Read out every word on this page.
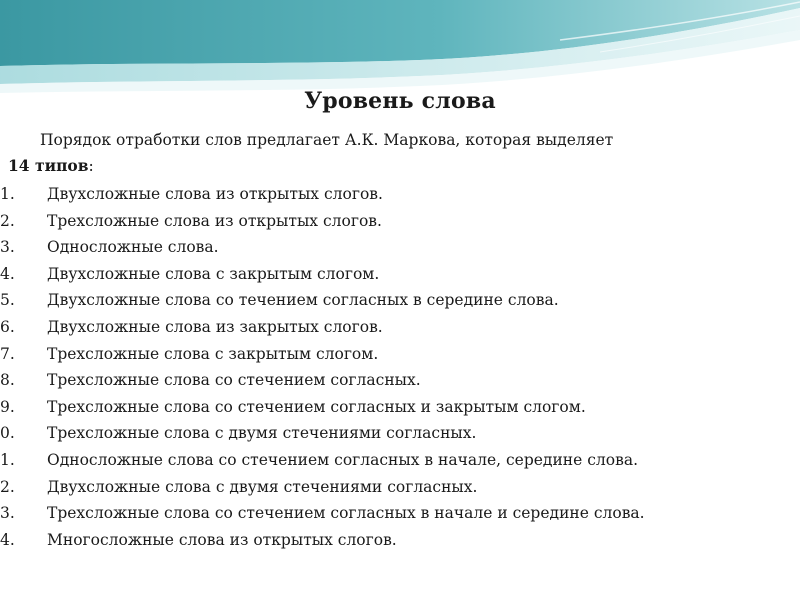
Уровень слова
Порядок отработки слов предлагает А.К. Маркова, которая выделяет
14 типов:
1.	Двухсложные слова из открытых слогов.
2.	Трехсложные слова из открытых слогов.
3.	Односложные слова.
4.	Двухсложные слова с закрытым слогом.
5.	Двухсложные слова со течением согласных в середине слова.
6.	Двухсложные слова из закрытых слогов.
7.	Трехсложные слова с закрытым слогом.
8.	Трехсложные слова со стечением согласных.
9.	Трехсложные слова со стечением согласных и закрытым слогом.
0.	Трехсложные слова с двумя стечениями согласных.
1.	Односложные слова со стечением согласных в начале, середине слова.
2.	Двухсложные слова с двумя стечениями согласных.
3.	Трехсложные слова со стечением согласных в начале и середине слова.
4.	Многосложные слова из открытых слогов.
